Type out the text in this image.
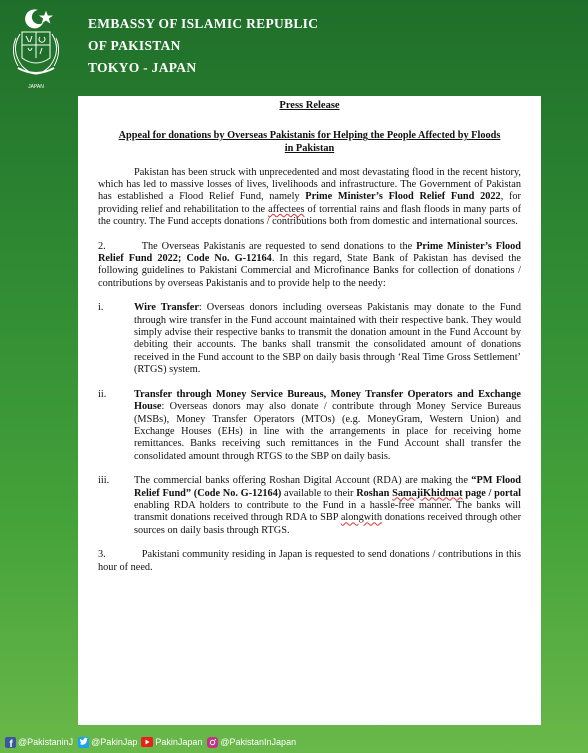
JAPAN
EMBASSY OF ISLAMIC REPUBLIC
OF PAKISTAN
TOKYO - JAPAN
Press Release
Appeal for donations by Overseas Pakistanis for Helping the People Affected by Floods in Pakistan

Pakistan has been struck with unprecedented and most devastating flood in the recent history, which has led to massive losses of lives, livelihoods and infrastructure. The Government of Pakistan has established a Flood Relief Fund, namely Prime Minister’s Flood Relief Fund 2022, for providing relief and rehabilitation to the affectees of torrential rains and flash floods in many parts of the country. The Fund accepts donations / contributions both from domestic and international sources.

2.	The Overseas Pakistanis are requested to send donations to the Prime Minister’s Flood Relief Fund 2022; Code No. G-12164. In this regard, State Bank of Pakistan has devised the following guidelines to Pakistani Commercial and Microfinance Banks for collection of donations / contributions by overseas Pakistanis and to provide help to the needy:

i.	Wire Transfer: Overseas donors including overseas Pakistanis may donate to the Fund through wire transfer in the Fund account maintained with their respective bank. They would simply advise their respective banks to transmit the donation amount in the Fund Account by debiting their accounts. The banks shall transmit the consolidated amount of donations received in the Fund account to the SBP on daily basis through ‘Real Time Gross Settlement’ (RTGS) system.
ii.	Transfer through Money Service Bureaus, Money Transfer Operators and Exchange House: Overseas donors may also donate / contribute through Money Service Bureaus (MSBs), Money Transfer Operators (MTOs) (e.g. MoneyGram, Western Union) and Exchange Houses (EHs) in line with the arrangements in place for receiving home remittances. Banks receiving such remittances in the Fund Account shall transfer the consolidated amount through RTGS to the SBP on daily basis.
iii. The commercial banks offering Roshan Digital Account (RDA) are making the “PM Flood Relief Fund” (Code No. G-12164) available to their Roshan SamajiKhidmat page / portal enabling RDA holders to contribute to the Fund in a hassle-free manner. The banks will transmit donations received through RDA to SBP alongwith donations received through other sources on daily basis through RTGS.

3.	Pakistani community residing in Japan is requested to send donations / contributions in this hour of need.

f @PakistaninJ @PakinJap PakinJapan @PakistanInJapan
